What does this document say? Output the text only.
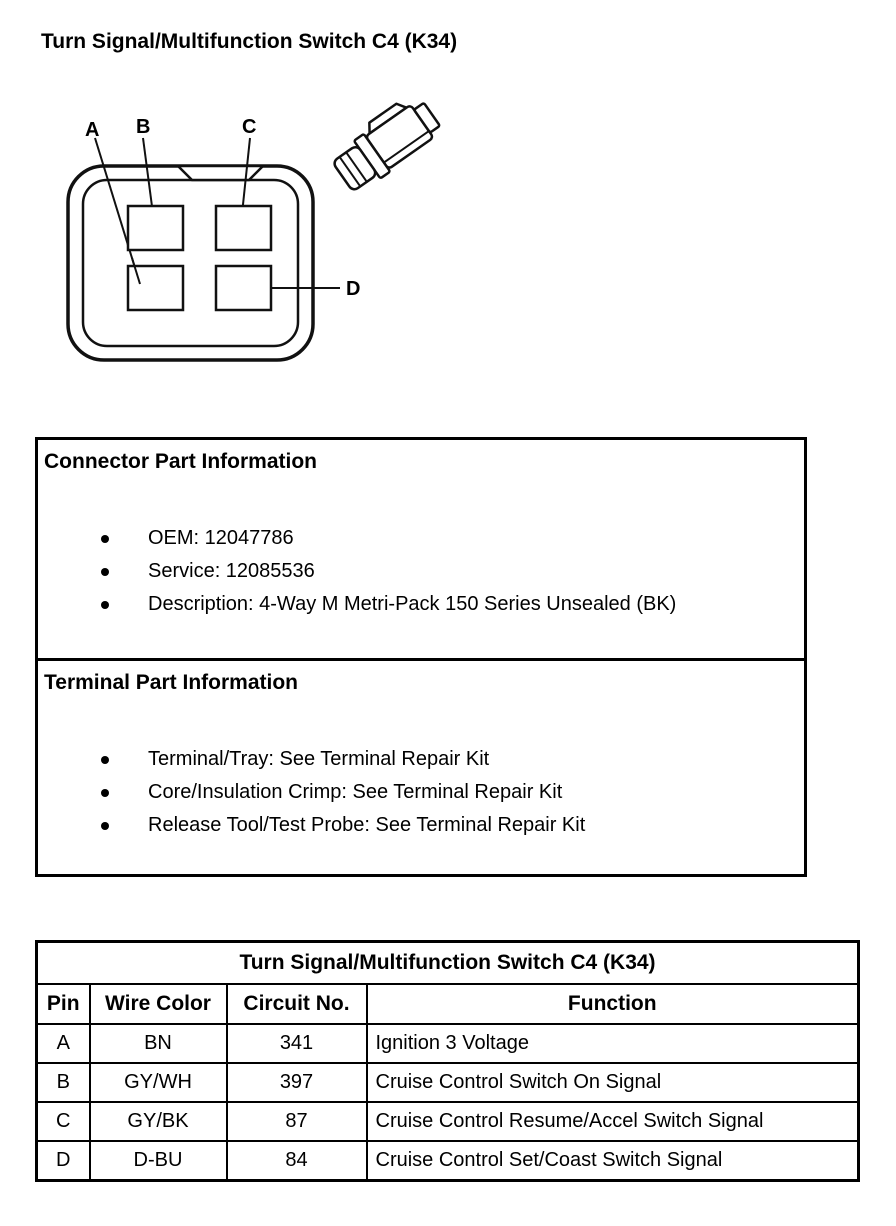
Turn Signal/Multifunction Switch C4 (K34)
A B	C
D
Connector Part Information
OEM: 12047786
Service: 12085536
Description: 4-Way M Metri-Pack 150 Series Unsealed (BK)
Terminal Part Information
Terminal/Tray: See Terminal Repair Kit
Core/Insulation Crimp: See Terminal Repair Kit
Release Tool/Test Probe: See Terminal Repair Kit
Turn Signal/Multifunction Switch C4 (K34)			
Pin	Wire Color	Circuit No.	Function
A	BN	341	Ignition 3 Voltage
B	GY/WH	397	Cruise Control Switch On Signal
C	GY/BK	87	Cruise Control Resume/Accel Switch Signal
D	D-BU	84	Cruise Control Set/Coast Switch Signal
